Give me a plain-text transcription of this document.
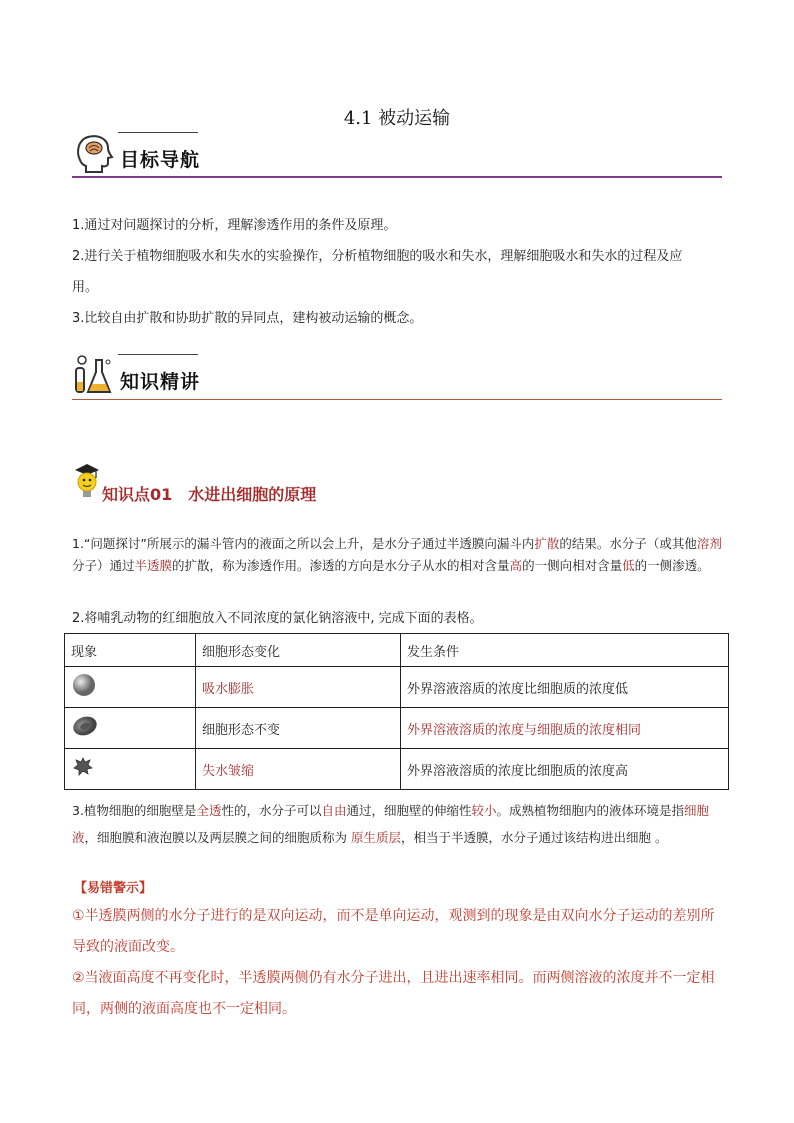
4.1 被动运输
目标导航
1.通过对问题探讨的分析，理解渗透作用的条件及原理。
2.进行关于植物细胞吸水和失水的实验操作，分析植物细胞的吸水和失水，理解细胞吸水和失水的过程及应
用。
3.比较自由扩散和协助扩散的异同点，建构被动运输的概念。
知识精讲
知识点01　水进出细胞的原理
1.“问题探讨”所展示的漏斗管内的液面之所以会上升，是水分子通过半透膜向漏斗内扩散的结果。水分子（或其他溶剂分子）通过半透膜的扩散，称为渗透作用。渗透的方向是水分子从水的相对含量高的一侧向相对含量低的一侧渗透。
2.将哺乳动物的红细胞放入不同浓度的氯化钠溶液中, 完成下面的表格。
现象	细胞形态变化	发生条件
	吸水膨胀	外界溶液溶质的浓度比细胞质的浓度低
	细胞形态不变	外界溶液溶质的浓度与细胞质的浓度相同
	失水皱缩	外界溶液溶质的浓度比细胞质的浓度高
3.植物细胞的细胞壁是全透性的，水分子可以自由通过，细胞壁的伸缩性较小。成熟植物细胞内的液体环境是指细胞液，细胞膜和液泡膜以及两层膜之间的细胞质称为 原生质层，相当于半透膜，水分子通过该结构进出细胞 。
【易错警示】
①半透膜两侧的水分子进行的是双向运动，而不是单向运动，观测到的现象是由双向水分子运动的差别所导致的液面改变。
②当液面高度不再变化时，半透膜两侧仍有水分子进出，且进出速率相同。而两侧溶液的浓度并不一定相同，两侧的液面高度也不一定相同。
